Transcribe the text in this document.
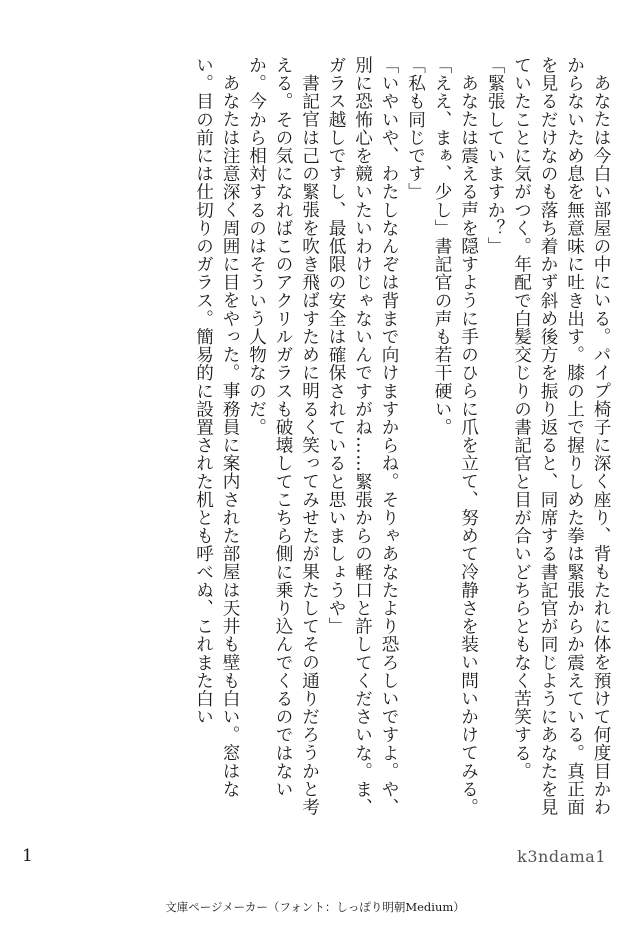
あなたは今白い部屋の中にいる。パイプ椅子に深く座り、背もたれに体を預けて何度目かわからないため息を無意味に吐き出す。膝の上で握りしめた拳は緊張からか震えている。真正面を見るだけなのも落ち着かず斜め後方を振り返ると、同席する書記官が同じようにあなたを見ていたことに気がつく。年配で白髪交じりの書記官と目が合いどちらともなく苦笑する。

「緊張していますか？」

あなたは震える声を隠すように手のひらに爪を立て、努めて冷静さを装い問いかけてみる。

「ええ、まぁ、少し」書記官の声も若干硬い。

「私も同じです」

「いやいや、わたしなんぞは背まで向けますからね。そりゃあなたより恐ろしいですよ。や、別に恐怖心を競いたいわけじゃないんですがね……緊張からの軽口と許してくださいな。ま、ガラス越しですし、最低限の安全は確保されていると思いましょうや」

書記官は己の緊張を吹き飛ばすために明るく笑ってみせたが果たしてその通りだろうかと考える。その気になればこのアクリルガラスも破壊してこちら側に乗り込んでくるのではないか。今から相対するのはそういう人物なのだ。

あなたは注意深く周囲に目をやった。事務員に案内された部屋は天井も壁も白い。窓はない。目の前には仕切りのガラス。簡易的に設置された机とも呼べぬ、これまた白い

1	k3ndama1
文庫ページメーカー（フォント：しっぽり明朝Medium）
